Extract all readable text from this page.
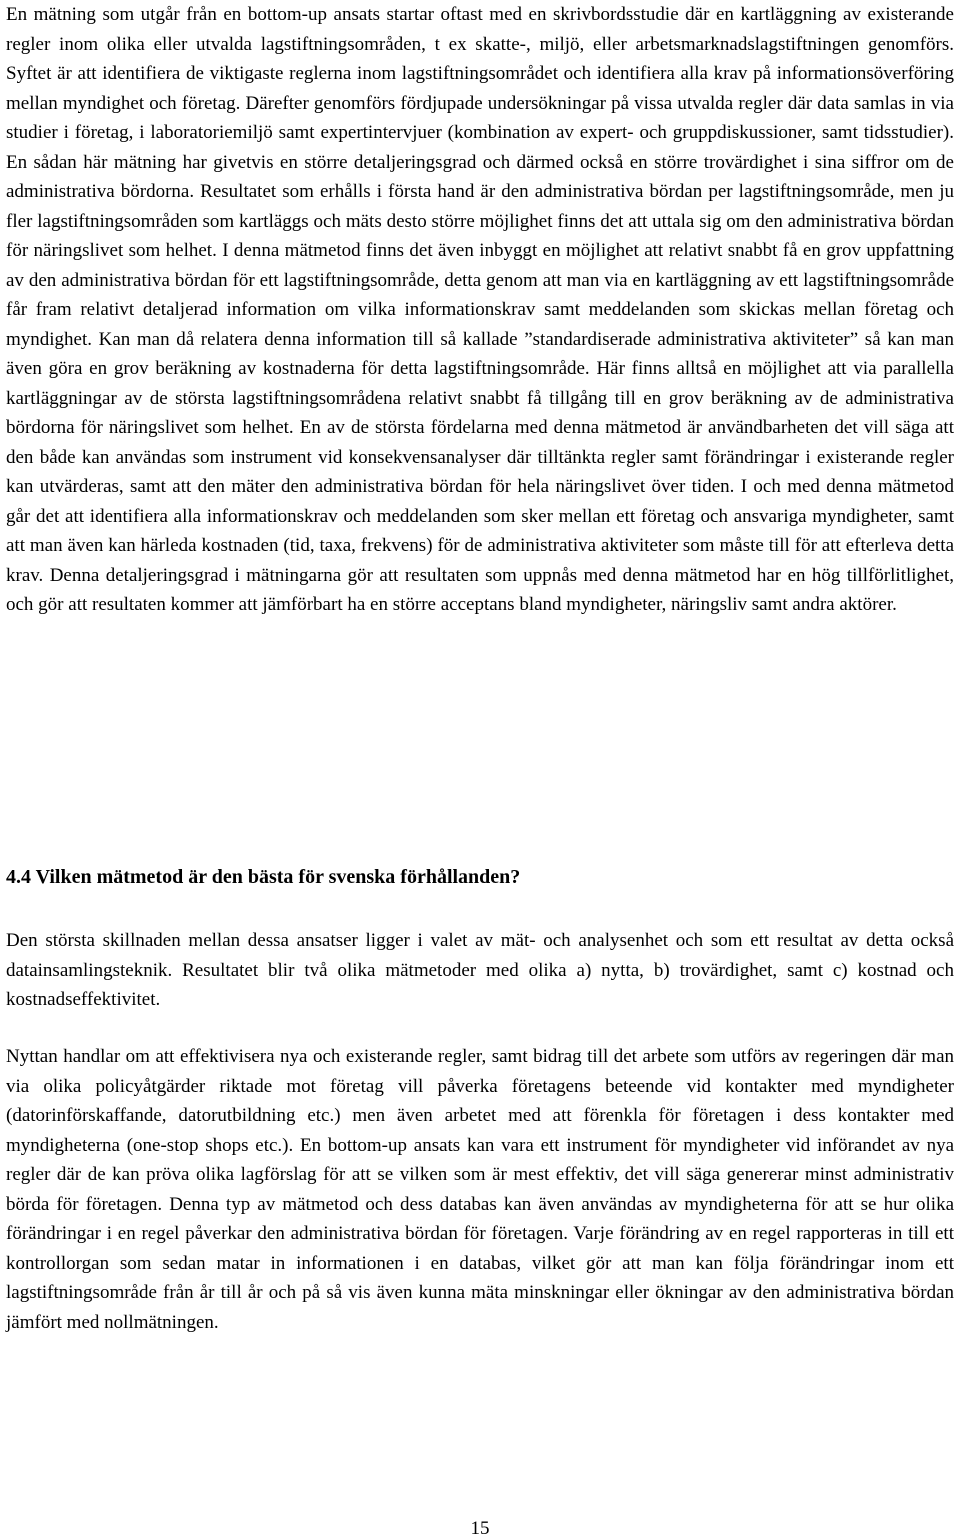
En mätning som utgår från en bottom-up ansats startar oftast med en skrivbordsstudie där en kartläggning av existerande regler inom olika eller utvalda lagstiftningsområden, t ex skatte-, miljö, eller arbetsmarknadslagstiftningen genomförs. Syftet är att identifiera de viktigaste reglerna inom lagstiftningsområdet och identifiera alla krav på informationsöverföring mellan myndighet och företag. Därefter genomförs fördjupade undersökningar på vissa utvalda regler där data samlas in via studier i företag, i laboratoriemiljö samt expertintervjuer (kombination av expert- och gruppdiskussioner, samt tidsstudier). En sådan här mätning har givetvis en större detaljeringsgrad och därmed också en större trovärdighet i sina siffror om de administrativa bördorna. Resultatet som erhålls i första hand är den administrativa bördan per lagstiftningsområde, men ju fler lagstiftningsområden som kartläggs och mäts desto större möjlighet finns det att uttala sig om den administrativa bördan för näringslivet som helhet. I denna mätmetod finns det även inbyggt en möjlighet att relativt snabbt få en grov uppfattning av den administrativa bördan för ett lagstiftningsområde, detta genom att man via en kartläggning av ett lagstiftningsområde får fram relativt detaljerad information om vilka informationskrav samt meddelanden som skickas mellan företag och myndighet. Kan man då relatera denna information till så kallade ”standardiserade administrativa aktiviteter” så kan man även göra en grov beräkning av kostnaderna för detta lagstiftningsområde. Här finns alltså en möjlighet att via parallella kartläggningar av de största lagstiftningsområdena relativt snabbt få tillgång till en grov beräkning av de administrativa bördorna för näringslivet som helhet. En av de största fördelarna med denna mätmetod är användbarheten det vill säga att den både kan användas som instrument vid konsekvensanalyser där tilltänkta regler samt förändringar i existerande regler kan utvärderas, samt att den mäter den administrativa bördan för hela näringslivet över tiden. I och med denna mätmetod går det att identifiera alla informationskrav och meddelanden som sker mellan ett företag och ansvariga myndigheter, samt att man även kan härleda kostnaden (tid, taxa, frekvens) för de administrativa aktiviteter som måste till för att efterleva detta krav. Denna detaljeringsgrad i mätningarna gör att resultaten som uppnås med denna mätmetod har en hög tillförlitlighet, och gör att resultaten kommer att jämförbart ha en större acceptans bland myndigheter, näringsliv samt andra aktörer.

4.4 Vilken mätmetod är den bästa för svenska förhållanden?

Den största skillnaden mellan dessa ansatser ligger i valet av mät- och analysenhet och som ett resultat av detta också datainsamlingsteknik. Resultatet blir två olika mätmetoder med olika a) nytta, b) trovärdighet, samt c) kostnad och kostnadseffektivitet.

Nyttan handlar om att effektivisera nya och existerande regler, samt bidrag till det arbete som utförs av regeringen där man via olika policyåtgärder riktade mot företag vill påverka företagens beteende vid kontakter med myndigheter (datorinförskaffande, datorutbildning etc.) men även arbetet med att förenkla för företagen i dess kontakter med myndigheterna (one-stop shops etc.). En bottom-up ansats kan vara ett instrument för myndigheter vid införandet av nya regler där de kan pröva olika lagförslag för att se vilken som är mest effektiv, det vill säga genererar minst administrativ börda för företagen. Denna typ av mätmetod och dess databas kan även användas av myndigheterna för att se hur olika förändringar i en regel påverkar den administrativa bördan för företagen. Varje förändring av en regel rapporteras in till ett kontrollorgan som sedan matar in informationen i en databas, vilket gör att man kan följa förändringar inom ett lagstiftningsområde från år till år och på så vis även kunna mäta minskningar eller ökningar av den administrativa bördan jämfört med nollmätningen.

15
